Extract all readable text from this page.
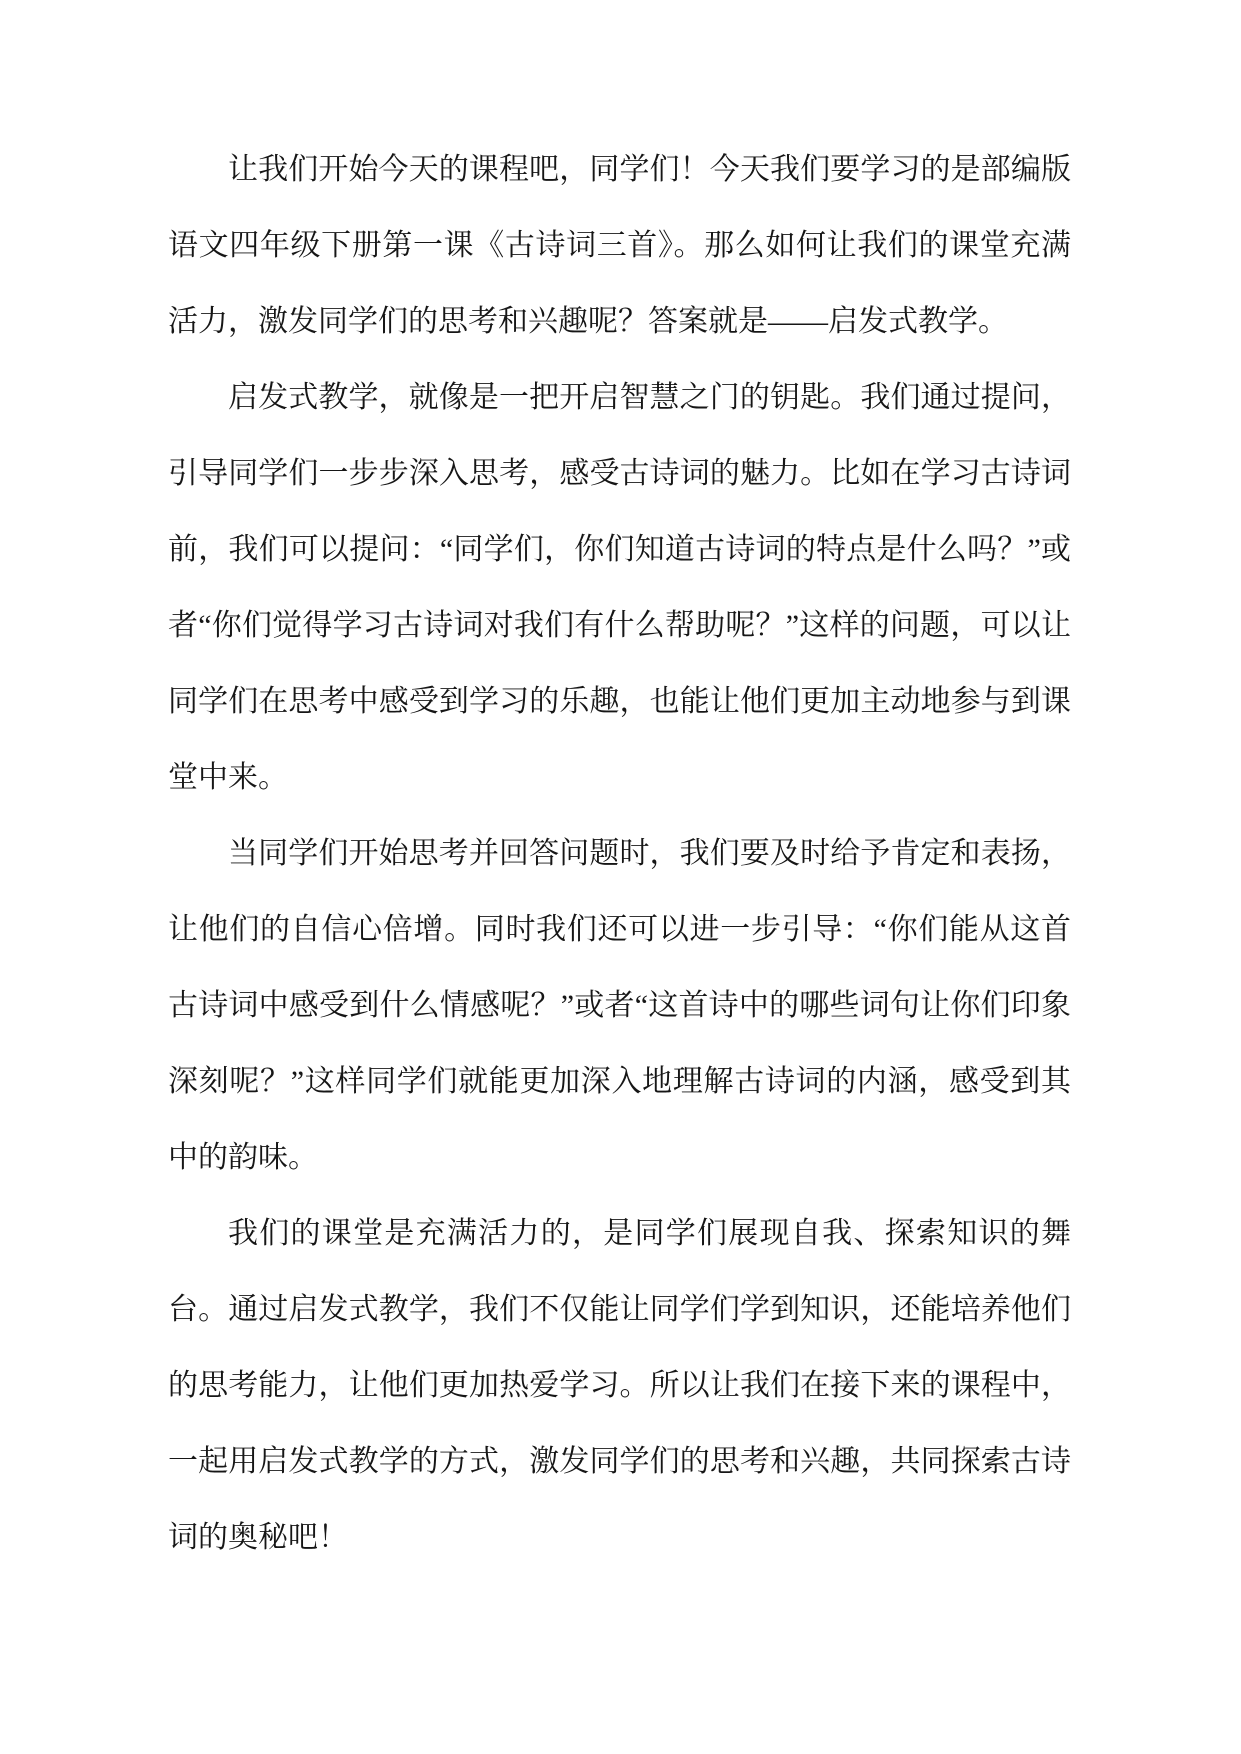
让我们开始今天的课程吧，同学们！今天我们要学习的是部编版语文四年级下册第一课《古诗词三首》。那么如何让我们的课堂充满活力，激发同学们的思考和兴趣呢？答案就是——启发式教学。

启发式教学，就像是一把开启智慧之门的钥匙。我们通过提问，引导同学们一步步深入思考，感受古诗词的魅力。比如在学习古诗词前，我们可以提问：“同学们，你们知道古诗词的特点是什么吗？”或者“你们觉得学习古诗词对我们有什么帮助呢？”这样的问题，可以让同学们在思考中感受到学习的乐趣，也能让他们更加主动地参与到课堂中来。

当同学们开始思考并回答问题时，我们要及时给予肯定和表扬，让他们的自信心倍增。同时我们还可以进一步引导：“你们能从这首古诗词中感受到什么情感呢？”或者“这首诗中的哪些词句让你们印象深刻呢？”这样同学们就能更加深入地理解古诗词的内涵，感受到其中的韵味。

我们的课堂是充满活力的，是同学们展现自我、探索知识的舞台。通过启发式教学，我们不仅能让同学们学到知识，还能培养他们的思考能力，让他们更加热爱学习。所以让我们在接下来的课程中，一起用启发式教学的方式，激发同学们的思考和兴趣，共同探索古诗词的奥秘吧！
